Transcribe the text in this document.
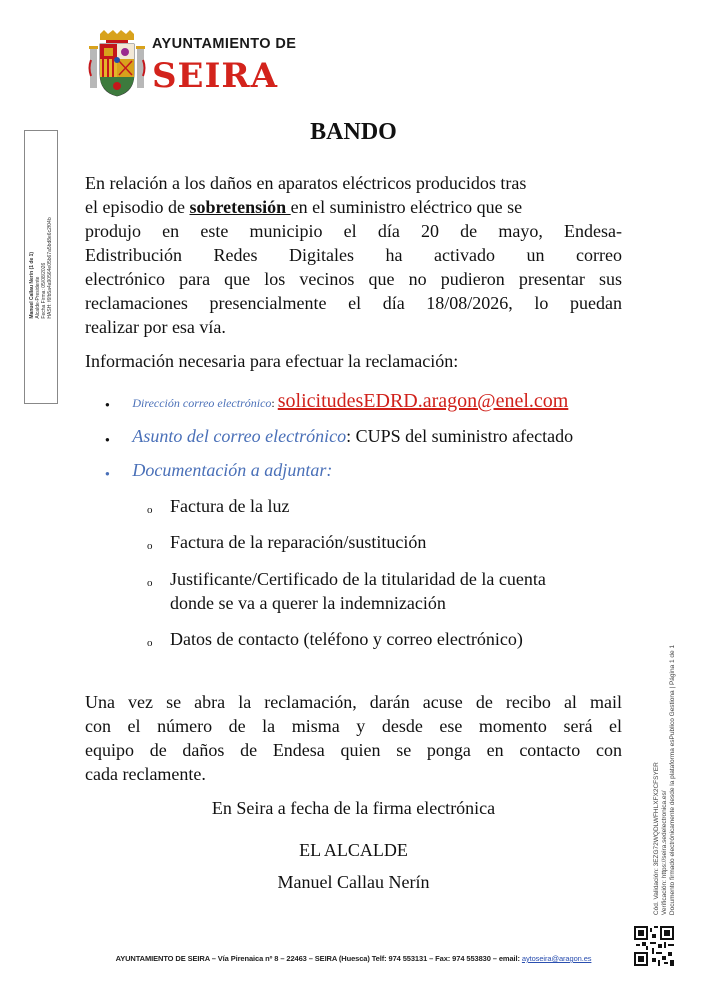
AYUNTAMIENTO DE
SEIRA
Manuel Callau Nerín (1 de 1)
Alcalde-Presidente
Fecha Firma: 05/08/2026
HASH: f6fb5a4a90564e05b67a5bd8e6c2f04b
BANDO
En relación a los daños en aparatos eléctricos producidos tras
el episodio de sobretensión en el suministro eléctrico que se
produjo en este municipio el día 20 de mayo, Endesa-
Edistribución Redes Digitales ha activado un correo
electrónico para que los vecinos que no pudieron presentar sus
reclamaciones presencialmente el día 18/08/2026, lo puedan
realizar por esa vía.
Información necesaria para efectuar la reclamación:
● Dirección correo electrónico: solicitudesEDRD.aragon@enel.com
● Asunto del correo electrónico: CUPS del suministro afectado
● Documentación a adjuntar:
o Factura de la luz
o Factura de la reparación/sustitución
o Justificante/Certificado de la titularidad de la cuenta
donde se va a querer la indemnización
o Datos de contacto (teléfono y correo electrónico)
Una vez se abra la reclamación, darán acuse de recibo al mail
con el número de la misma y desde ese momento será el
equipo de daños de Endesa quien se ponga en contacto con
cada reclamente.
En Seira a fecha de la firma electrónica
EL ALCALDE
Manuel Callau Nerín	Cód. Validación: 3EZG72WQDLWFHLXFX2CFSYER
Verificación: https://seira.sedelectronica.es/
Documento firmado electrónicamente desde la plataforma esPublico Gestiona | Página 1 de 1
AYUNTAMIENTO DE SEIRA – Vía Pirenaica nº 8 – 22463 – SEIRA (Huesca) Telf: 974 553131 – Fax: 974 553830 – email: aytoseira@aragon.es
